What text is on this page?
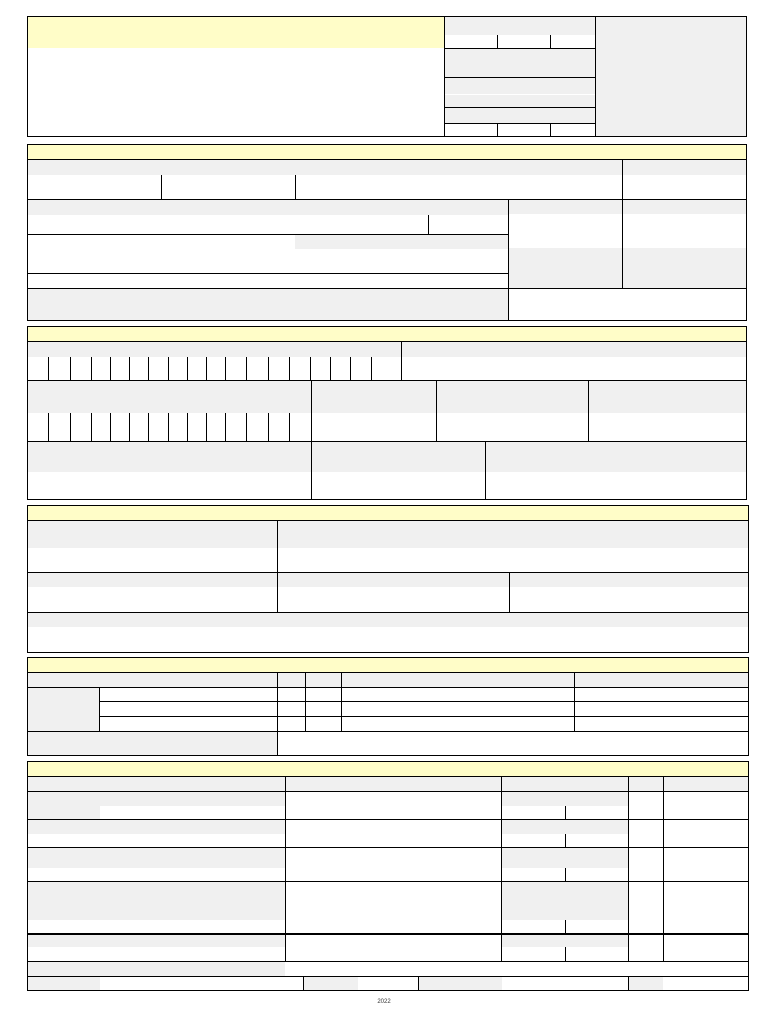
2022
